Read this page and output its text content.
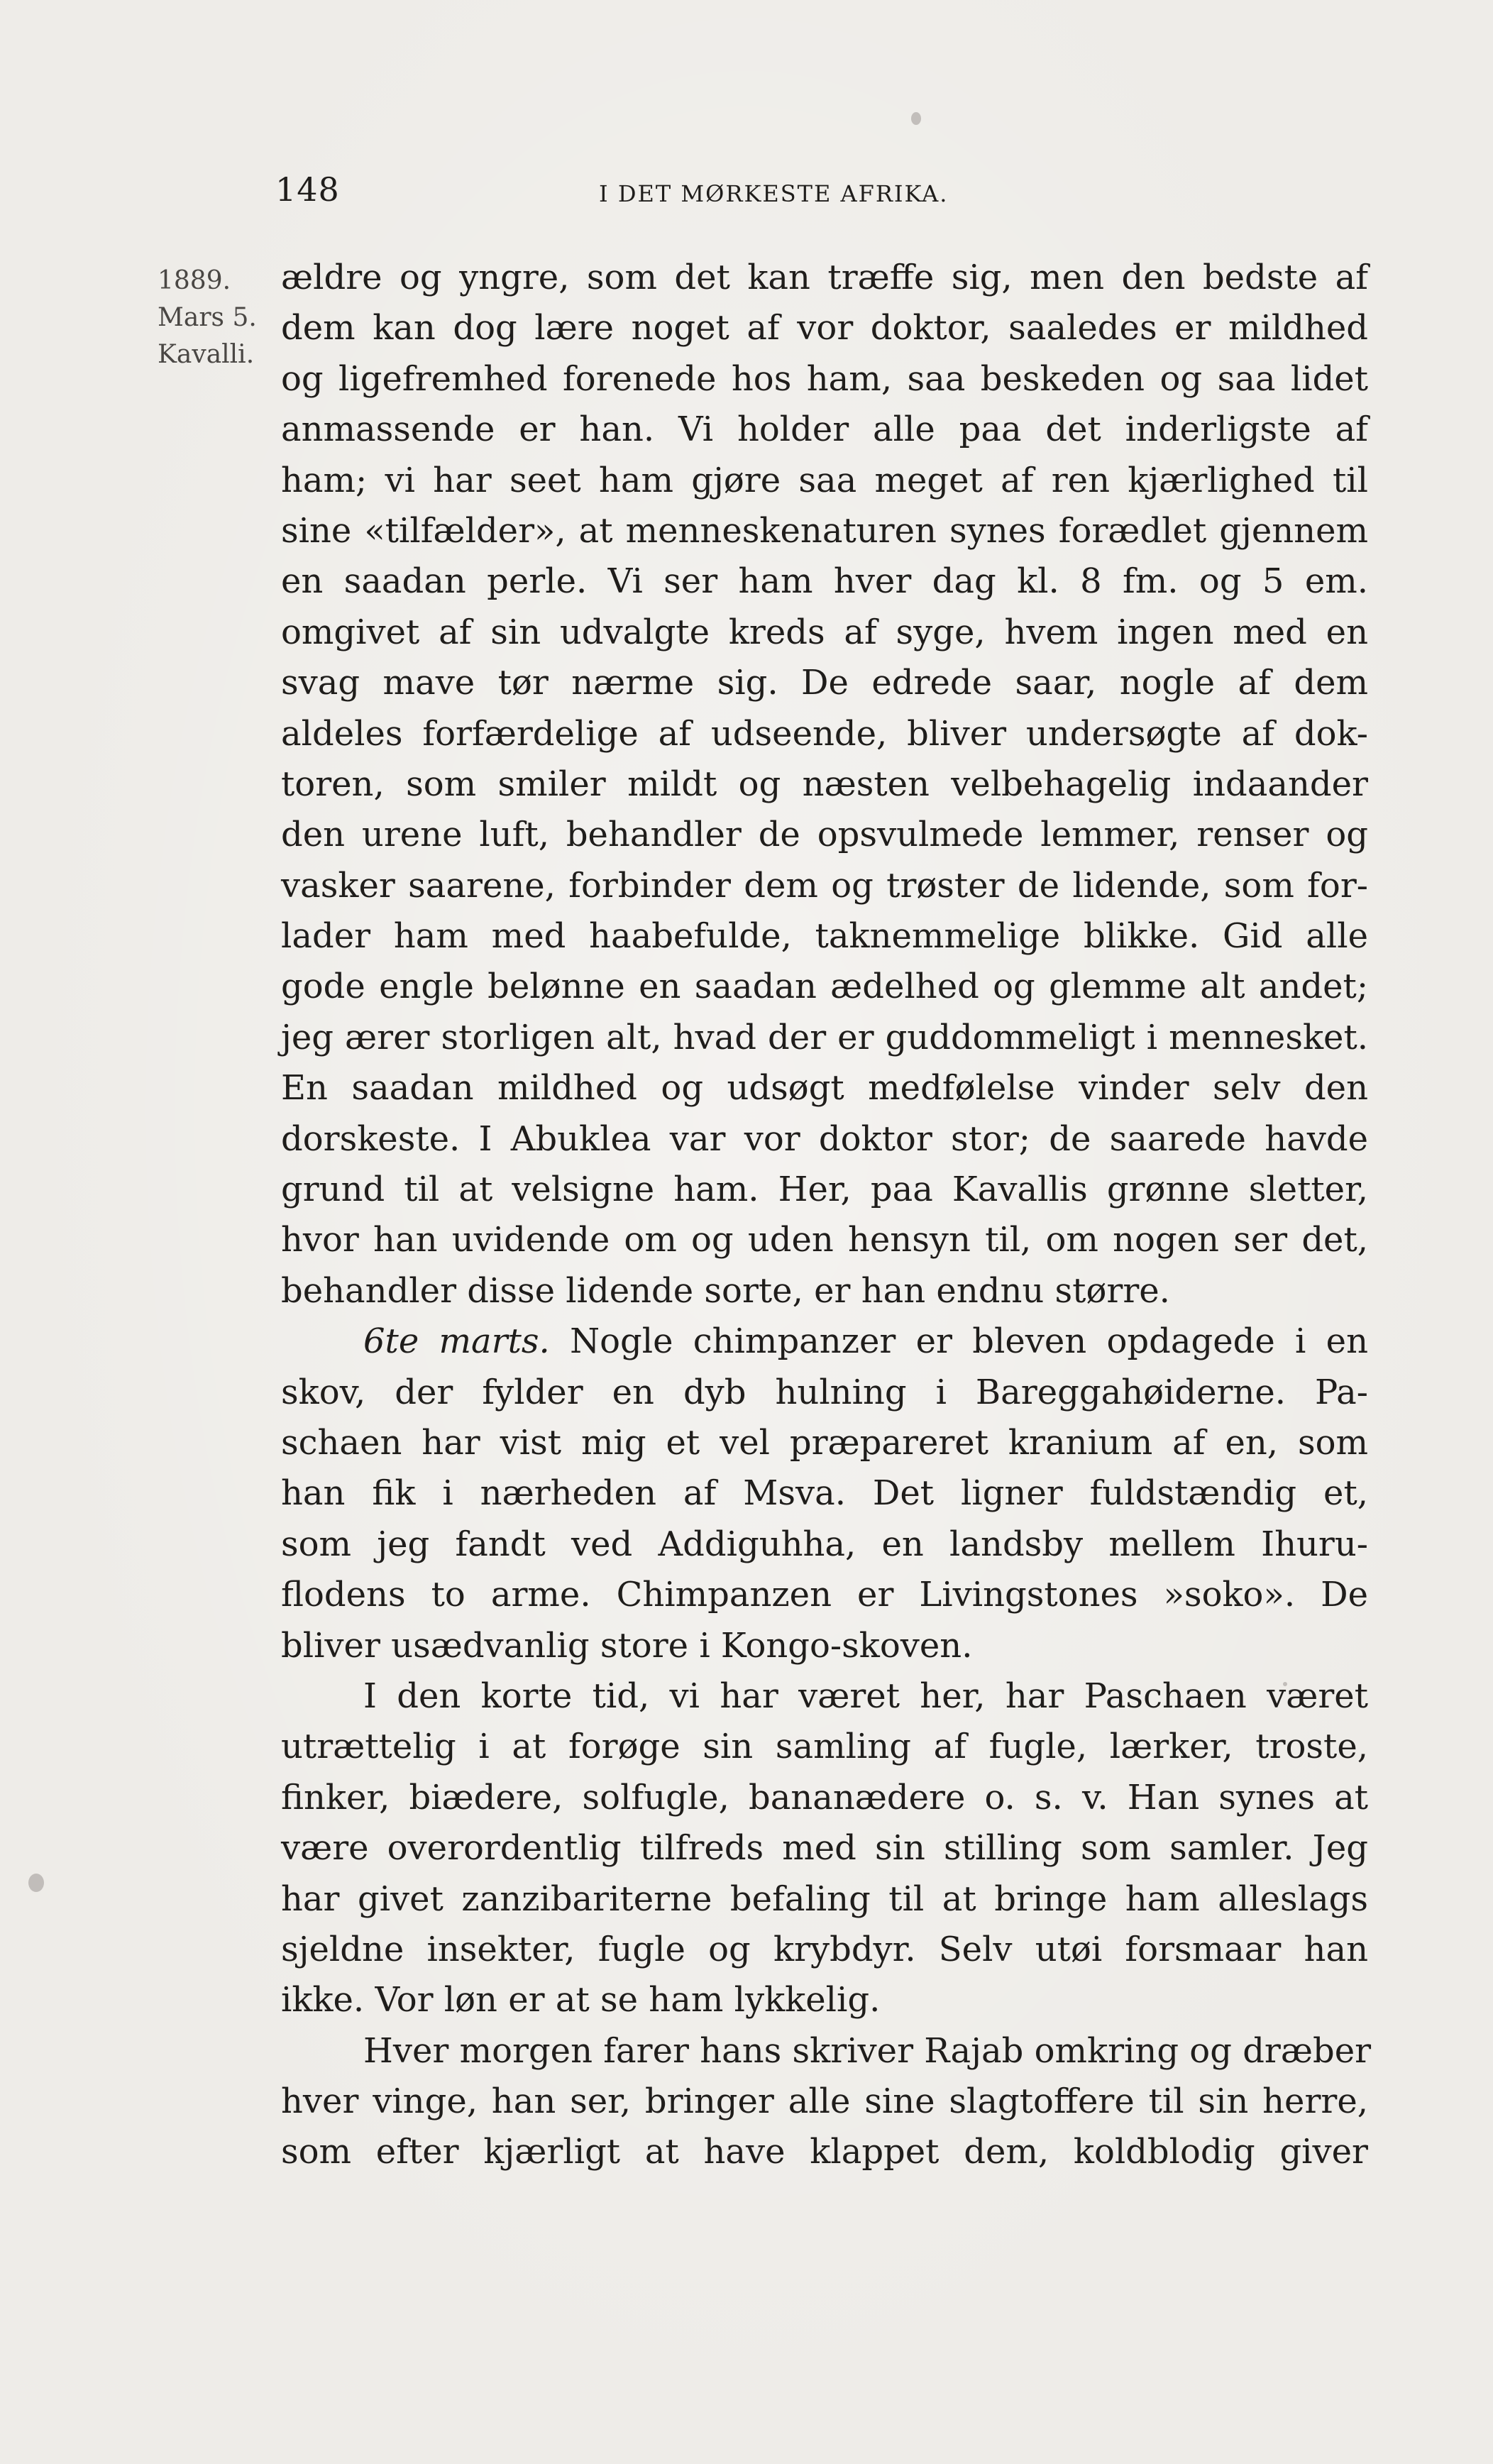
148	I DET MØRKESTE AFRIKA.
1889.
Mars 5.
Kavalli.
ældre og yngre, som det kan træffe sig, men den bedste af
dem kan dog lære noget af vor doktor, saaledes er mildhed
og ligefremhed forenede hos ham, saa beskeden og saa lidet
anmassende er han. Vi holder alle paa det inderligste af
ham; vi har seet ham gjøre saa meget af ren kjærlighed til
sine «tilfælder», at menneskenaturen synes forædlet gjennem
en saadan perle. Vi ser ham hver dag kl. 8 fm. og 5 em.
omgivet af sin udvalgte kreds af syge, hvem ingen med en
svag mave tør nærme sig. De edrede saar, nogle af dem
aldeles forfærdelige af udseende, bliver undersøgte af dok-
toren, som smiler mildt og næsten velbehagelig indaander
den urene luft, behandler de opsvulmede lemmer, renser og
vasker saarene, forbinder dem og trøster de lidende, som for-
lader ham med haabefulde, taknemmelige blikke. Gid alle
gode engle belønne en saadan ædelhed og glemme alt andet;
jeg ærer storligen alt, hvad der er guddommeligt i mennesket.
En saadan mildhed og udsøgt medfølelse vinder selv den
dorskeste. I Abuklea var vor doktor stor; de saarede havde
grund til at velsigne ham. Her, paa Kavallis grønne sletter,
hvor han uvidende om og uden hensyn til, om nogen ser det,
behandler disse lidende sorte, er han endnu større.
6te marts. Nogle chimpanzer er bleven opdagede i en
skov, der fylder en dyb hulning i Bareggahøiderne. Pa-
schaen har vist mig et vel præpareret kranium af en, som
han fik i nærheden af Msva. Det ligner fuldstændig et,
som jeg fandt ved Addiguhha, en landsby mellem Ihuru-
flodens to arme. Chimpanzen er Livingstones »soko». De
bliver usædvanlig store i Kongo-skoven.
I den korte tid, vi har været her, har Paschaen været
utrættelig i at forøge sin samling af fugle, lærker, troste,
finker, biædere, solfugle, bananædere o. s. v. Han synes at
være overordentlig tilfreds med sin stilling som samler. Jeg
har givet zanzibariterne befaling til at bringe ham alleslags
sjeldne insekter, fugle og krybdyr. Selv utøi forsmaar han
ikke. Vor løn er at se ham lykkelig.
Hver morgen farer hans skriver Rajab omkring og dræber
hver vinge, han ser, bringer alle sine slagtoffere til sin herre,
som efter kjærligt at have klappet dem, koldblodig giver
